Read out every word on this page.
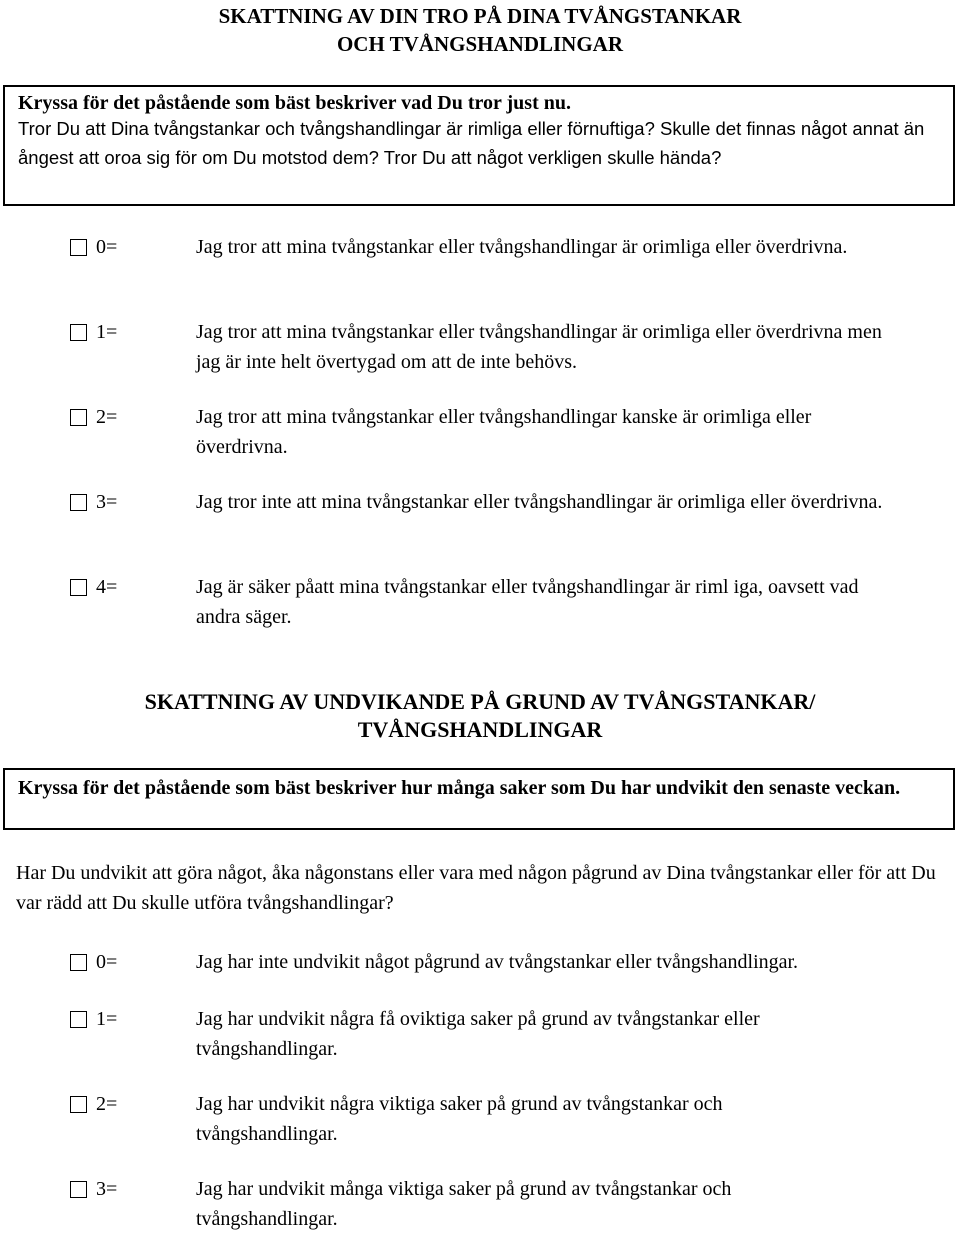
SKATTNING AV DIN TRO PÅ DINA TVÅNGSTANKAR
OCH TVÅNGSHANDLINGAR
Kryssa för det påstående som bäst beskriver vad Du tror just nu.
Tror Du att Dina tvångstankar och tvångshandlingar är rimliga eller förnuftiga? Skulle det finnas något annat än ångest att oroa sig för om Du motstod dem? Tror Du att något verkligen skulle hända?
0=	Jag tror att mina tvångstankar eller tvångshandlingar är orimliga eller överdrivna.
1=	Jag tror att mina tvångstankar eller tvångshandlingar är orimliga eller överdrivna men jag är inte helt övertygad om att de inte behövs.
2=	Jag tror att mina tvångstankar eller tvångshandlingar kanske är orimliga eller överdrivna.
3=	Jag tror inte att mina tvångstankar eller tvångshandlingar är orimliga eller överdrivna.
4=	Jag är säker påatt mina tvångstankar eller tvångshandlingar är riml iga, oavsett vad andra säger.
SKATTNING AV UNDVIKANDE PÅ GRUND AV TVÅNGSTANKAR/
TVÅNGSHANDLINGAR
Kryssa för det påstående som bäst beskriver hur många saker som Du har undvikit den senaste veckan.
Har Du undvikit att göra något, åka någonstans eller vara med någon pågrund av Dina tvångstankar eller för att Du var rädd att Du skulle utföra tvångshandlingar?
0=	Jag har inte undvikit något pågrund av tvångstankar eller tvångshandlingar.
1=	Jag har undvikit några få oviktiga saker på grund av tvångstankar eller tvångshandlingar.
2=	Jag har undvikit några viktiga saker på grund av tvångstankar och tvångshandlingar.
3=	Jag har undvikit många viktiga saker på grund av tvångstankar och tvångshandlingar.
